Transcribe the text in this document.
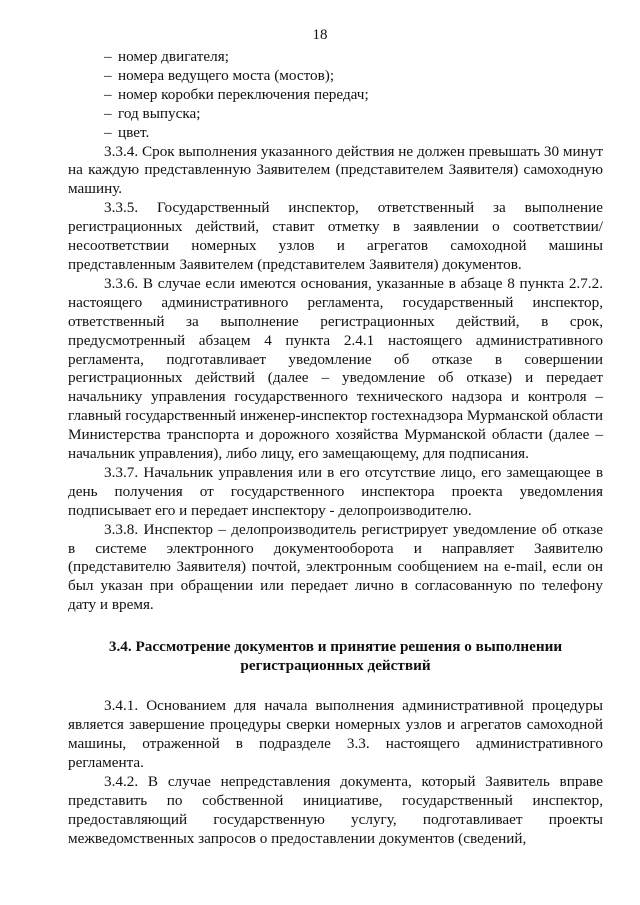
18
– номер двигателя;
– номера ведущего моста (мостов);
– номер коробки переключения передач;
– год выпуска;
– цвет.

3.3.4. Срок выполнения указанного действия не должен превышать 30 минут на каждую представленную Заявителем (представителем Заявителя) самоходную машину.

3.3.5. Государственный инспектор, ответственный за выполнение регистрационных действий, ставит отметку в заявлении о соответствии/несоответствии номерных узлов и агрегатов самоходной машины представленным Заявителем (представителем Заявителя) документов.

3.3.6. В случае если имеются основания, указанные в абзаце 8 пункта 2.7.2. настоящего административного регламента, государственный инспектор, ответственный за выполнение регистрационных действий, в срок, предусмотренный абзацем 4 пункта 2.4.1 настоящего административного регламента, подготавливает уведомление об отказе в совершении регистрационных действий (далее – уведомление об отказе) и передает начальнику управления государственного технического надзора и контроля – главный государственный инженер-инспектор гостехнадзора Мурманской области Министерства транспорта и дорожного хозяйства Мурманской области (далее – начальник управления), либо лицу, его замещающему, для подписания.

3.3.7. Начальник управления или в его отсутствие лицо, его замещающее в день получения от государственного инспектора проекта уведомления подписывает его и передает инспектору - делопроизводителю.

3.3.8. Инспектор – делопроизводитель регистрирует уведомление об отказе в системе электронного документооборота и направляет Заявителю (представителю Заявителя) почтой, электронным сообщением на e-mail, если он был указан при обращении или передает лично в согласованную по телефону дату и время.

3.4. Рассмотрение документов и принятие решения о выполнении
регистрационных действий

3.4.1. Основанием для начала выполнения административной процедуры является завершение процедуры сверки номерных узлов и агрегатов самоходной машины, отраженной в подразделе 3.3. настоящего административного регламента.

3.4.2. В случае непредставления документа, который Заявитель вправе представить по собственной инициативе, государственный инспектор, предоставляющий государственную услугу, подготавливает проекты межведомственных запросов о предоставлении документов (сведений,
